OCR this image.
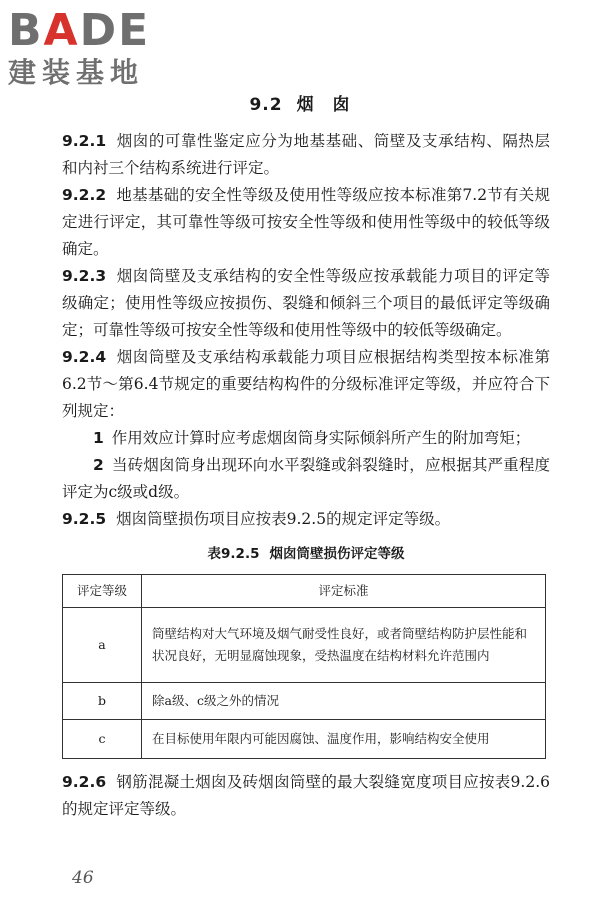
BADE
建装基地
9.2 烟　囱

9.2.1 烟囱的可靠性鉴定应分为地基基础、筒壁及支承结构、隔热层和内衬三个结构系统进行评定。

9.2.2 地基基础的安全性等级及使用性等级应按本标准第7.2节有关规定进行评定，其可靠性等级可按安全性等级和使用性等级中的较低等级确定。

9.2.3 烟囱筒壁及支承结构的安全性等级应按承载能力项目的评定等级确定；使用性等级应按损伤、裂缝和倾斜三个项目的最低评定等级确定；可靠性等级可按安全性等级和使用性等级中的较低等级确定。

9.2.4 烟囱筒壁及支承结构承载能力项目应根据结构类型按本标准第6.2节～第6.4节规定的重要结构构件的分级标准评定等级，并应符合下列规定：

1 作用效应计算时应考虑烟囱筒身实际倾斜所产生的附加弯矩；

2 当砖烟囱筒身出现环向水平裂缝或斜裂缝时，应根据其严重程度评定为c级或d级。

9.2.5 烟囱筒壁损伤项目应按表9.2.5的规定评定等级。

表9.2.5 烟囱筒壁损伤评定等级
评定等级	评定标准
a	筒壁结构对大气环境及烟气耐受性良好，或者筒壁结构防护层性能和状况良好，无明显腐蚀现象，受热温度在结构材料允许范围内
b	除a级、c级之外的情况
c	在目标使用年限内可能因腐蚀、温度作用，影响结构安全使用

9.2.6 钢筋混凝土烟囱及砖烟囱筒壁的最大裂缝宽度项目应按表9.2.6的规定评定等级。

46
